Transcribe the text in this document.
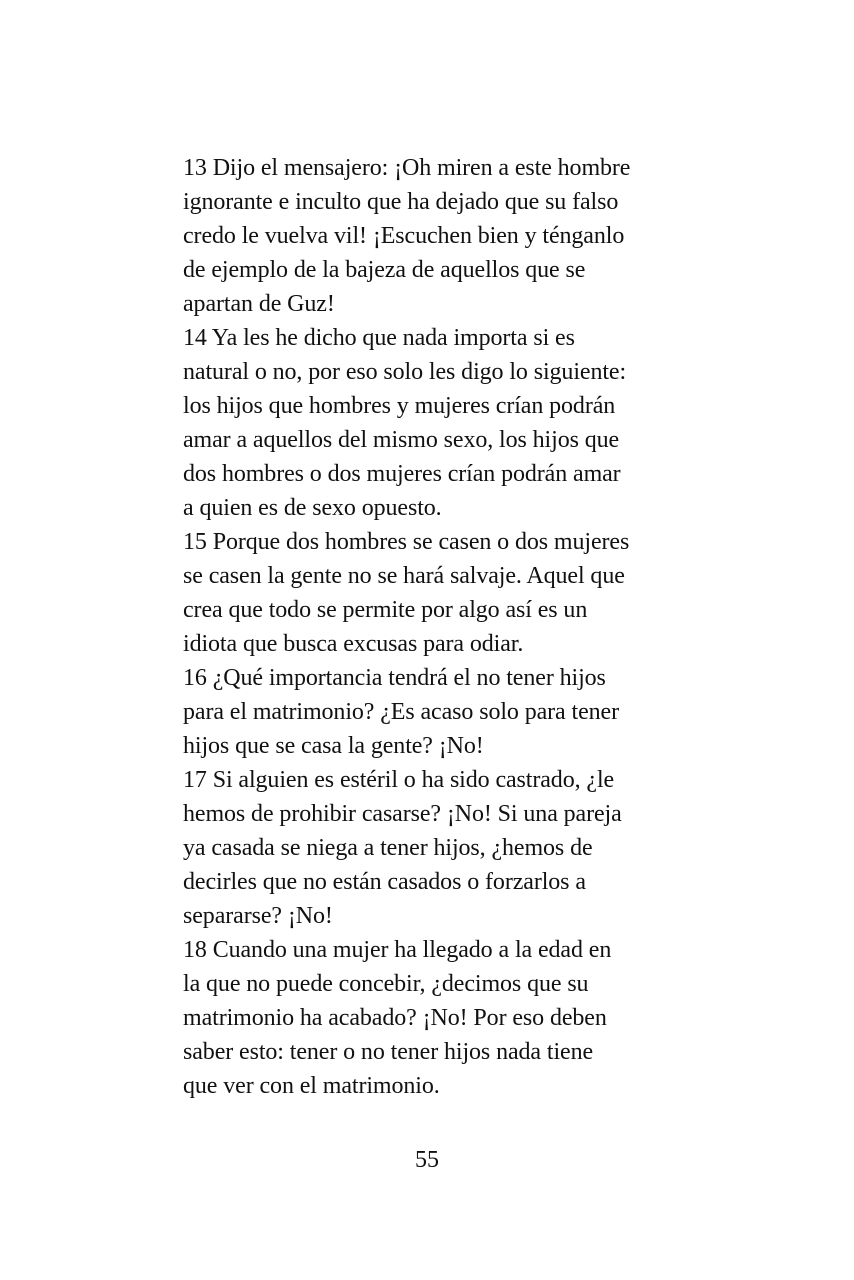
13 Dijo el mensajero: ¡Oh miren a este hombre
ignorante e inculto que ha dejado que su falso
credo le vuelva vil! ¡Escuchen bien y ténganlo
de ejemplo de la bajeza de aquellos que se
apartan de Guz!
14 Ya les he dicho que nada importa si es
natural o no, por eso solo les digo lo siguiente:
los hijos que hombres y mujeres crían podrán
amar a aquellos del mismo sexo, los hijos que
dos hombres o dos mujeres crían podrán amar
a quien es de sexo opuesto.
15 Porque dos hombres se casen o dos mujeres
se casen la gente no se hará salvaje. Aquel que
crea que todo se permite por algo así es un
idiota que busca excusas para odiar.
16 ¿Qué importancia tendrá el no tener hijos
para el matrimonio? ¿Es acaso solo para tener
hijos que se casa la gente? ¡No!
17 Si alguien es estéril o ha sido castrado, ¿le
hemos de prohibir casarse? ¡No! Si una pareja
ya casada se niega a tener hijos, ¿hemos de
decirles que no están casados o forzarlos a
separarse? ¡No!
18 Cuando una mujer ha llegado a la edad en
la que no puede concebir, ¿decimos que su
matrimonio ha acabado? ¡No! Por eso deben
saber esto: tener o no tener hijos nada tiene
que ver con el matrimonio.
55
